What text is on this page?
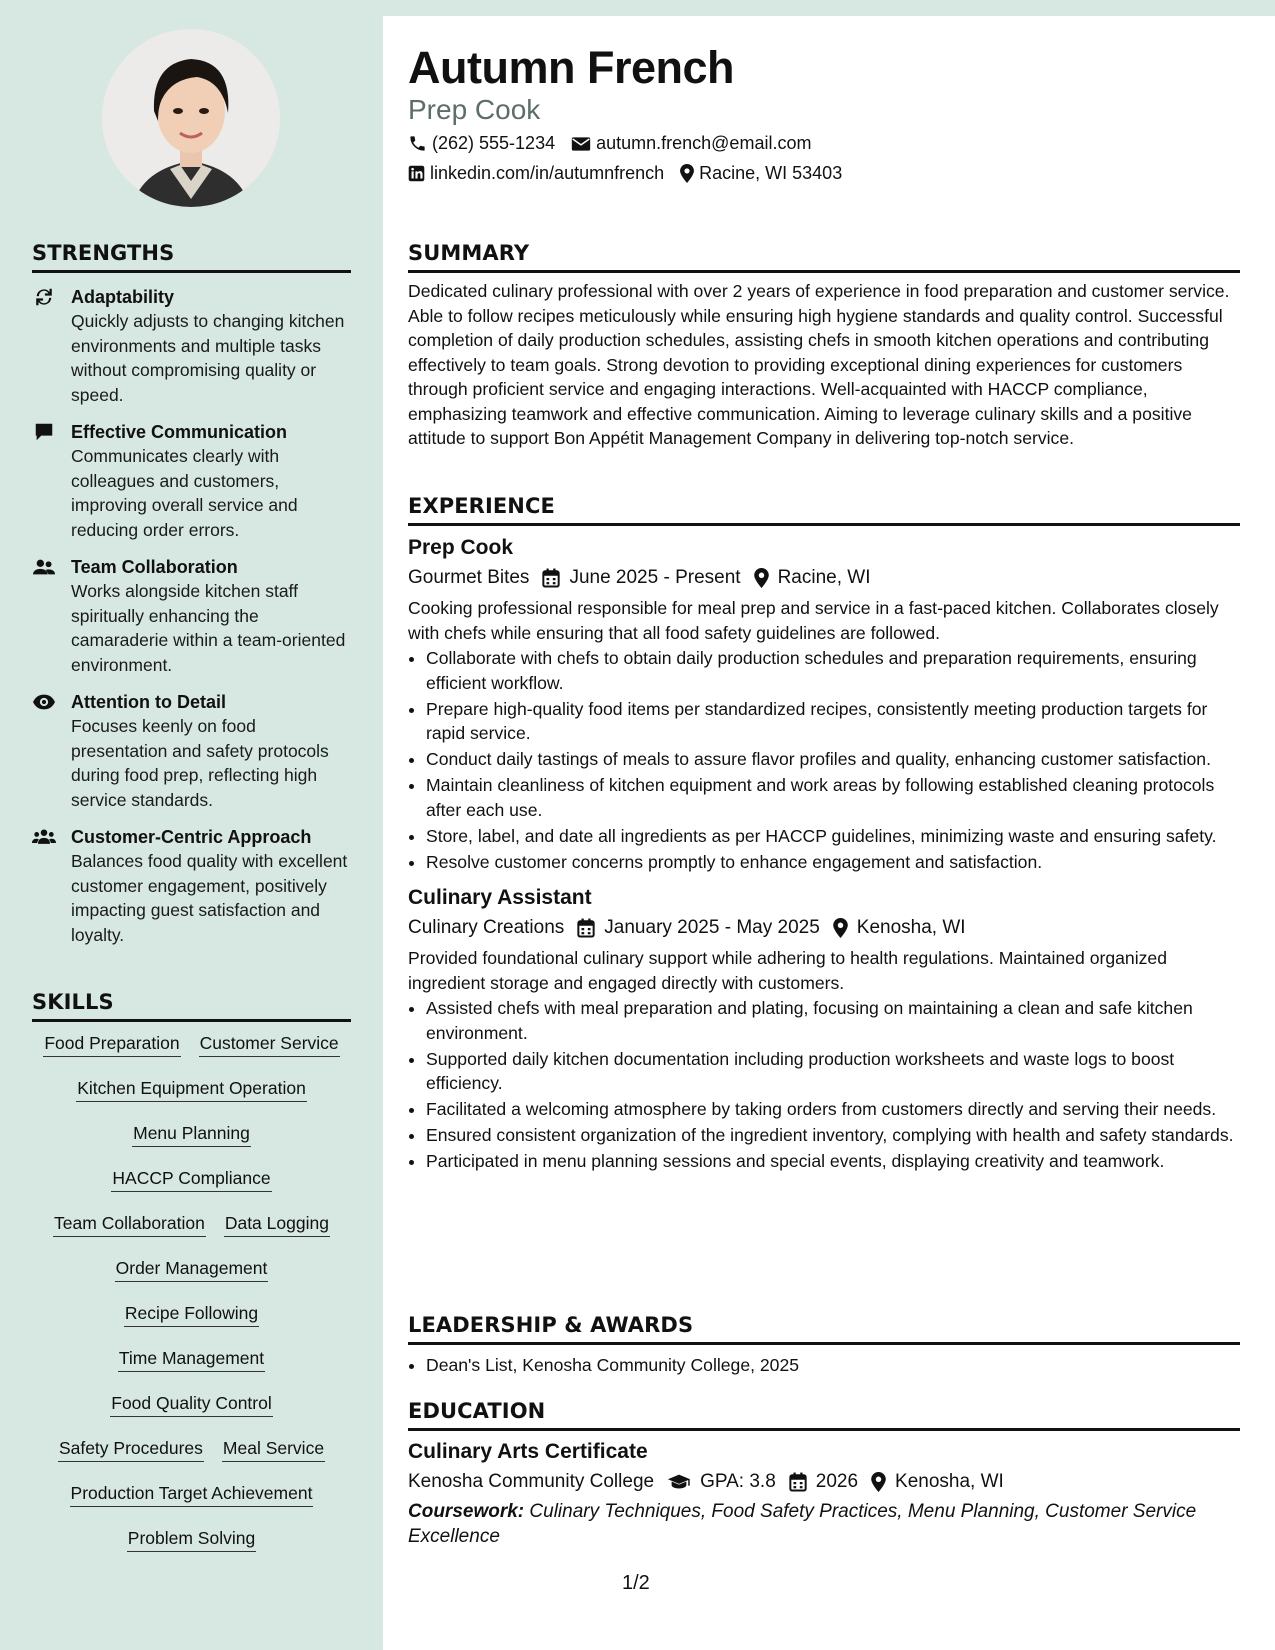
STRENGTHS
Adaptability
Quickly adjusts to changing kitchen environments and multiple tasks without compromising quality or speed.
Effective Communication
Communicates clearly with colleagues and customers, improving overall service and reducing order errors.
Team Collaboration
Works alongside kitchen staff spiritually enhancing the camaraderie within a team-oriented environment.
Attention to Detail
Focuses keenly on food presentation and safety protocols during food prep, reflecting high service standards.
Customer-Centric Approach
Balances food quality with excellent customer engagement, positively impacting guest satisfaction and loyalty.
SKILLS
Food Preparation Customer Service
Kitchen Equipment Operation
Menu Planning
HACCP Compliance
Team Collaboration Data Logging
Order Management
Recipe Following
Time Management
Food Quality Control
Safety Procedures Meal Service
Production Target Achievement
Problem Solving
Autumn French
Prep Cook
(262) 555-1234 autumn.french@email.com
linkedin.com/in/autumnfrench Racine, WI 53403
SUMMARY
Dedicated culinary professional with over 2 years of experience in food preparation and customer service. Able to follow recipes meticulously while ensuring high hygiene standards and quality control. Successful completion of daily production schedules, assisting chefs in smooth kitchen operations and contributing effectively to team goals. Strong devotion to providing exceptional dining experiences for customers through proficient service and engaging interactions. Well-acquainted with HACCP compliance, emphasizing teamwork and effective communication. Aiming to leverage culinary skills and a positive attitude to support Bon Appétit Management Company in delivering top-notch service.
EXPERIENCE
Prep Cook
Gourmet Bites June 2025 - Present Racine, WI
Cooking professional responsible for meal prep and service in a fast-paced kitchen. Collaborates closely with chefs while ensuring that all food safety guidelines are followed.
• Collaborate with chefs to obtain daily production schedules and preparation requirements, ensuring efficient workflow.
• Prepare high-quality food items per standardized recipes, consistently meeting production targets for rapid service.
• Conduct daily tastings of meals to assure flavor profiles and quality, enhancing customer satisfaction.
• Maintain cleanliness of kitchen equipment and work areas by following established cleaning protocols after each use.
• Store, label, and date all ingredients as per HACCP guidelines, minimizing waste and ensuring safety.
• Resolve customer concerns promptly to enhance engagement and satisfaction.
Culinary Assistant
Culinary Creations January 2025 - May 2025 Kenosha, WI
Provided foundational culinary support while adhering to health regulations. Maintained organized ingredient storage and engaged directly with customers.
• Assisted chefs with meal preparation and plating, focusing on maintaining a clean and safe kitchen environment.
• Supported daily kitchen documentation including production worksheets and waste logs to boost efficiency.
• Facilitated a welcoming atmosphere by taking orders from customers directly and serving their needs.
• Ensured consistent organization of the ingredient inventory, complying with health and safety standards.
• Participated in menu planning sessions and special events, displaying creativity and teamwork.
LEADERSHIP & AWARDS
• Dean's List, Kenosha Community College, 2025
EDUCATION
Culinary Arts Certificate
Kenosha Community College GPA: 3.8 2026 Kenosha, WI
Coursework: Culinary Techniques, Food Safety Practices, Menu Planning, Customer Service Excellence
1/2
